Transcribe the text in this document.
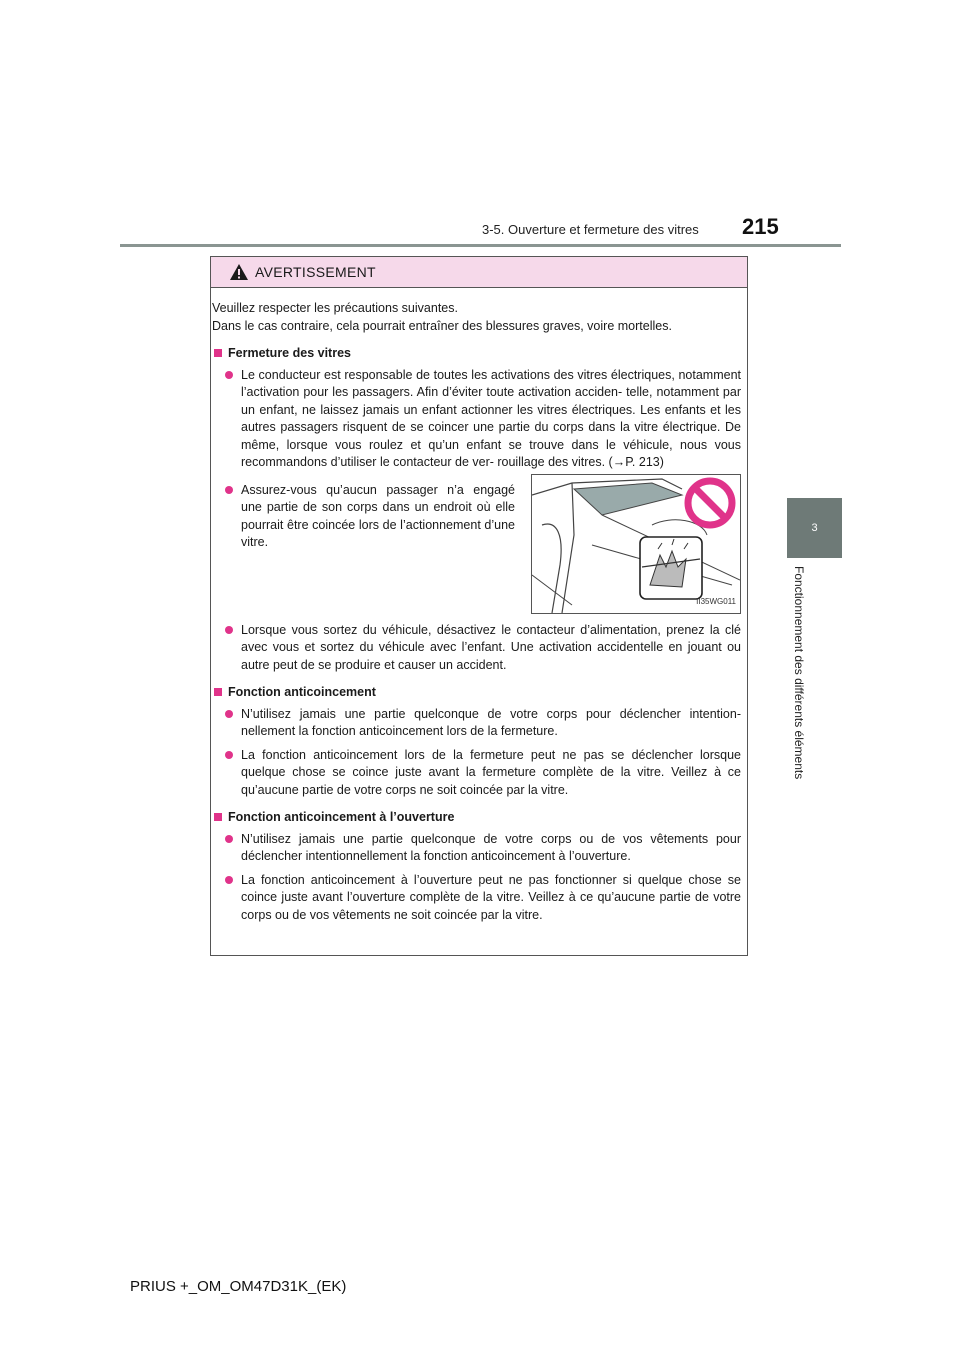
3-5. Ouverture et fermeture des vitres 215
3
Fonctionnement des différents éléments
AVERTISSEMENT
Veuillez respecter les précautions suivantes.
Dans le cas contraire, cela pourrait entraîner des blessures graves, voire mortelles.
Fermeture des vitres
Le conducteur est responsable de toutes les activations des vitres électriques, notamment l’activation pour les passagers. Afin d’éviter toute activation acciden- telle, notamment par un enfant, ne laissez jamais un enfant actionner les vitres électriques. Les enfants et les autres passagers risquent de se coincer une partie du corps dans la vitre électrique. De même, lorsque vous roulez et qu’un enfant se trouve dans le véhicule, nous vous recommandons d’utiliser le contacteur de ver- rouillage des vitres. (→P. 213)
Assurez-vous qu’aucun passager n’a engagé une partie de son corps dans un endroit où elle pourrait être coincée lors de l’actionnement d’une vitre.
II35WG011
Lorsque vous sortez du véhicule, désactivez le contacteur d’alimentation, prenez la clé avec vous et sortez du véhicule avec l’enfant. Une activation accidentelle en jouant ou autre peut de se produire et causer un accident.
Fonction anticoincement
N’utilisez jamais une partie quelconque de votre corps pour déclencher intention- nellement la fonction anticoincement lors de la fermeture.
La fonction anticoincement lors de la fermeture peut ne pas se déclencher lorsque quelque chose se coince juste avant la fermeture complète de la vitre. Veillez à ce qu’aucune partie de votre corps ne soit coincée par la vitre.
Fonction anticoincement à l’ouverture
N’utilisez jamais une partie quelconque de votre corps ou de vos vêtements pour déclencher intentionnellement la fonction anticoincement à l’ouverture.
La fonction anticoincement à l’ouverture peut ne pas fonctionner si quelque chose se coince juste avant l’ouverture complète de la vitre. Veillez à ce qu’aucune partie de votre corps ou de vos vêtements ne soit coincée par la vitre.
PRIUS +_OM_OM47D31K_(EK)
